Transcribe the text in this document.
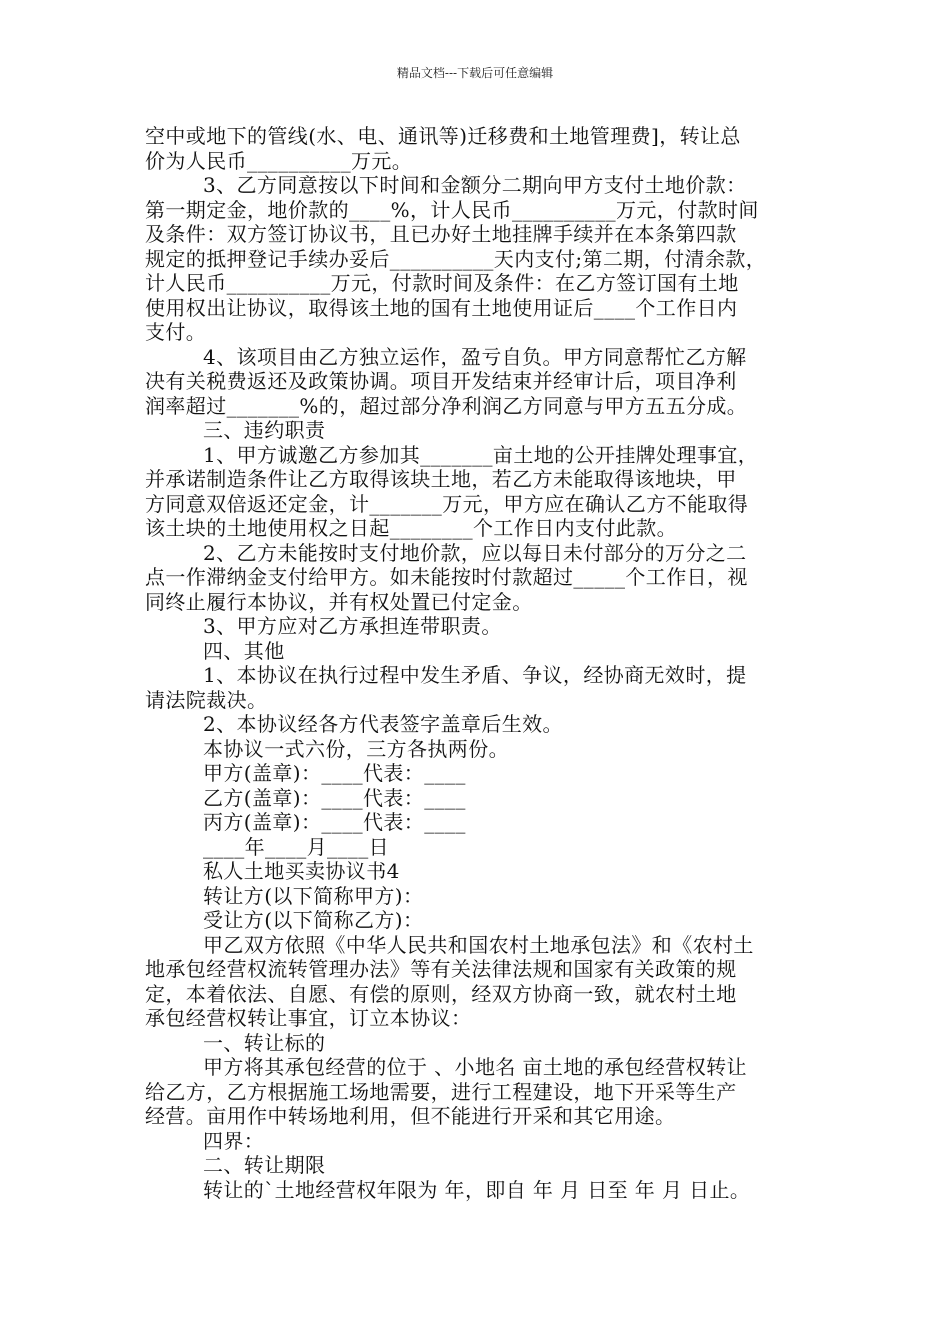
精品文档---下载后可任意编辑
空中或地下的管线(水、电、通讯等)迁移费和土地管理费]，转让总
价为人民币__________万元。
3、乙方同意按以下时间和金额分二期向甲方支付土地价款：
第一期定金，地价款的____%，计人民币__________万元，付款时间
及条件：双方签订协议书，且已办好土地挂牌手续并在本条第四款
规定的抵押登记手续办妥后__________天内支付;第二期，付清余款，
计人民币__________万元，付款时间及条件：在乙方签订国有土地
使用权出让协议，取得该土地的国有土地使用证后____个工作日内
支付。
4、该项目由乙方独立运作，盈亏自负。甲方同意帮忙乙方解
决有关税费返还及政策协调。项目开发结束并经审计后，项目净利
润率超过_______%的，超过部分净利润乙方同意与甲方五五分成。
三、违约职责
1、甲方诚邀乙方参加其_______亩土地的公开挂牌处理事宜，
并承诺制造条件让乙方取得该块土地，若乙方未能取得该地块，甲
方同意双倍返还定金，计_______万元，甲方应在确认乙方不能取得
该土块的土地使用权之日起________个工作日内支付此款。
2、乙方未能按时支付地价款，应以每日未付部分的万分之二
点一作滞纳金支付给甲方。如未能按时付款超过_____个工作日，视
同终止履行本协议，并有权处置已付定金。
3、甲方应对乙方承担连带职责。
四、其他
1、本协议在执行过程中发生矛盾、争议，经协商无效时，提
请法院裁决。
2、本协议经各方代表签字盖章后生效。
本协议一式六份，三方各执两份。
甲方(盖章)：____代表：____
乙方(盖章)：____代表：____
丙方(盖章)：____代表：____
____年____月____日
私人土地买卖协议书4
转让方(以下简称甲方)：
受让方(以下简称乙方)：
甲乙双方依照《中华人民共和国农村土地承包法》和《农村土
地承包经营权流转管理办法》等有关法律法规和国家有关政策的规
定，本着依法、自愿、有偿的原则，经双方协商一致，就农村土地
承包经营权转让事宜，订立本协议：
一、转让标的
甲方将其承包经营的位于 、小地名 亩土地的承包经营权转让
给乙方，乙方根据施工场地需要，进行工程建设，地下开采等生产
经营。亩用作中转场地利用，但不能进行开采和其它用途。
四界：
二、转让期限
转让的`土地经营权年限为 年，即自 年 月 日至 年 月 日止。
